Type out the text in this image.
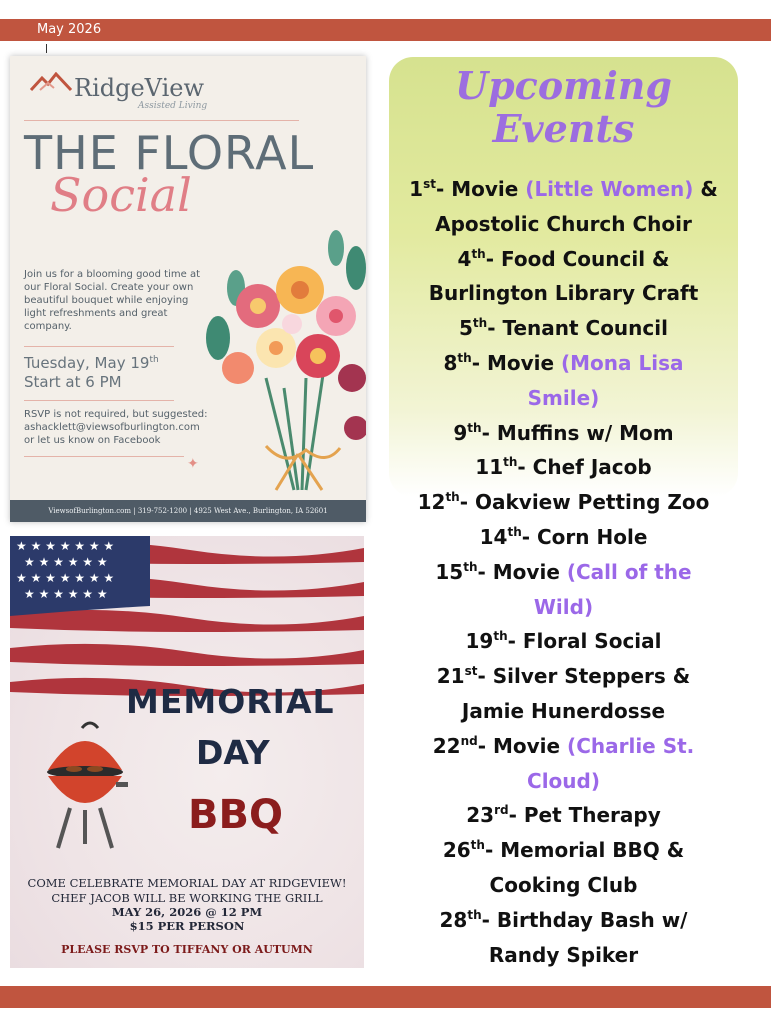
May 2026
RidgeView
Assisted Living
THE FLORAL
Social
Join us for a blooming good time at our Floral Social. Create your own beautiful bouquet while enjoying light refreshments and great company.
Tuesday, May 19th
Start at 6 PM
RSVP is not required, but suggested:
ashacklett@viewsofburlington.com
or let us know on Facebook
✦
ViewsofBurlington.com | 319-752-1200 | 4925 West Ave., Burlington, IA 52601
★ ★ ★ ★ ★ ★ ★
★ ★ ★ ★ ★ ★
★ ★ ★ ★ ★ ★ ★
★ ★ ★ ★ ★ ★
MEMORIAL
DAY
BBQ
COME CELEBRATE MEMORIAL DAY AT RIDGEVIEW!
CHEF JACOB WILL BE WORKING THE GRILL
MAY 26, 2026 @ 12 PM
$15 PER PERSON
PLEASE RSVP TO TIFFANY OR AUTUMN
Upcoming
Events
1st- Movie (Little Women) &
Apostolic Church Choir
4th- Food Council &
Burlington Library Craft
5th- Tenant Council
8th- Movie (Mona Lisa
Smile)
9th- Muffins w/ Mom
11th- Chef Jacob
12th- Oakview Petting Zoo
14th- Corn Hole
15th- Movie (Call of the
Wild)
19th- Floral Social
21st- Silver Steppers &
Jamie Hunerdosse
22nd- Movie (Charlie St.
Cloud)
23rd- Pet Therapy
26th- Memorial BBQ &
Cooking Club
28th- Birthday Bash w/
Randy Spiker
